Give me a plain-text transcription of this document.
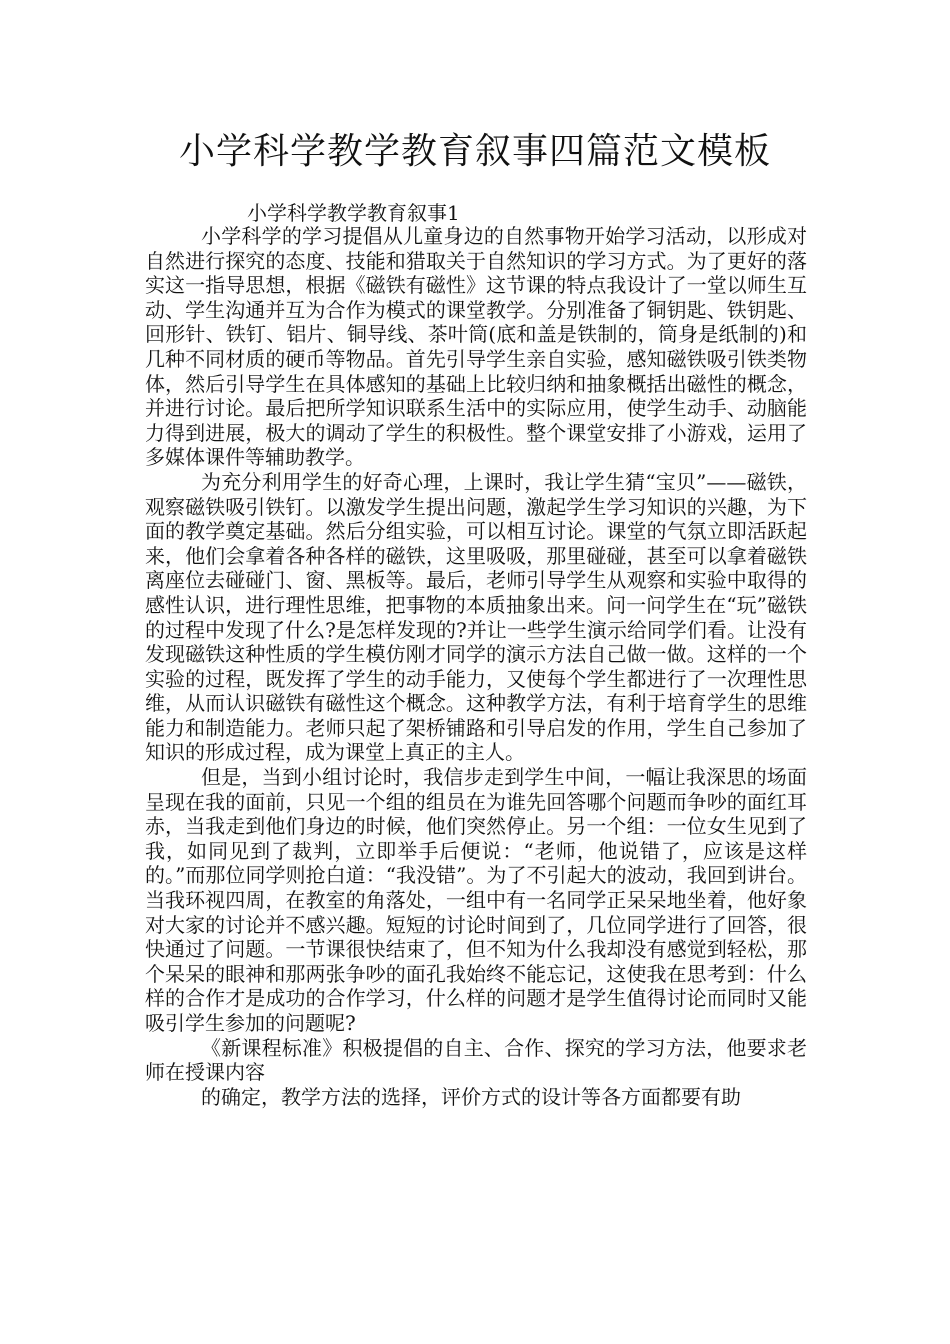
小学科学教学教育叙事四篇范文模板
小学科学教学教育叙事1

小学科学的学习提倡从儿童身边的自然事物开始学习活动，以形成对自然进行探究的态度、技能和猎取关于自然知识的学习方式。为了更好的落实这一指导思想，根据《磁铁有磁性》这节课的特点我设计了一堂以师生互动、学生沟通并互为合作为模式的课堂教学。分别准备了铜钥匙、铁钥匙、回形针、铁钉、铝片、铜导线、茶叶筒(底和盖是铁制的，筒身是纸制的)和几种不同材质的硬币等物品。首先引导学生亲自实验，感知磁铁吸引铁类物体，然后引导学生在具体感知的基础上比较归纳和抽象概括出磁性的概念，并进行讨论。最后把所学知识联系生活中的实际应用，使学生动手、动脑能力得到进展，极大的调动了学生的积极性。整个课堂安排了小游戏，运用了多媒体课件等辅助教学。

为充分利用学生的好奇心理，上课时，我让学生猜“宝贝”——磁铁，观察磁铁吸引铁钉。以激发学生提出问题，激起学生学习知识的兴趣，为下面的教学奠定基础。然后分组实验，可以相互讨论。课堂的气氛立即活跃起来，他们会拿着各种各样的磁铁，这里吸吸，那里碰碰，甚至可以拿着磁铁离座位去碰碰门、窗、黑板等。最后，老师引导学生从观察和实验中取得的感性认识，进行理性思维，把事物的本质抽象出来。问一问学生在“玩”磁铁的过程中发现了什么?是怎样发现的?并让一些学生演示给同学们看。让没有发现磁铁这种性质的学生模仿刚才同学的演示方法自己做一做。这样的一个实验的过程，既发挥了学生的动手能力，又使每个学生都进行了一次理性思维，从而认识磁铁有磁性这个概念。这种教学方法，有利于培育学生的思维能力和制造能力。老师只起了架桥铺路和引导启发的作用，学生自己参加了知识的形成过程，成为课堂上真正的主人。

但是，当到小组讨论时，我信步走到学生中间，一幅让我深思的场面呈现在我的面前，只见一个组的组员在为谁先回答哪个问题而争吵的面红耳赤，当我走到他们身边的时候，他们突然停止。另一个组：一位女生见到了我，如同见到了裁判，立即举手后便说：“老师，他说错了，应该是这样的。”而那位同学则抢白道：“我没错”。为了不引起大的波动，我回到讲台。当我环视四周，在教室的角落处，一组中有一名同学正呆呆地坐着，他好象对大家的讨论并不感兴趣。短短的讨论时间到了，几位同学进行了回答，很快通过了问题。一节课很快结束了，但不知为什么我却没有感觉到轻松，那个呆呆的眼神和那两张争吵的面孔我始终不能忘记，这使我在思考到：什么样的合作才是成功的合作学习，什么样的问题才是学生值得讨论而同时又能吸引学生参加的问题呢?

《新课程标准》积极提倡的自主、合作、探究的学习方法，他要求老师在授课内容

的确定，教学方法的选择，评价方式的设计等各方面都要有助
